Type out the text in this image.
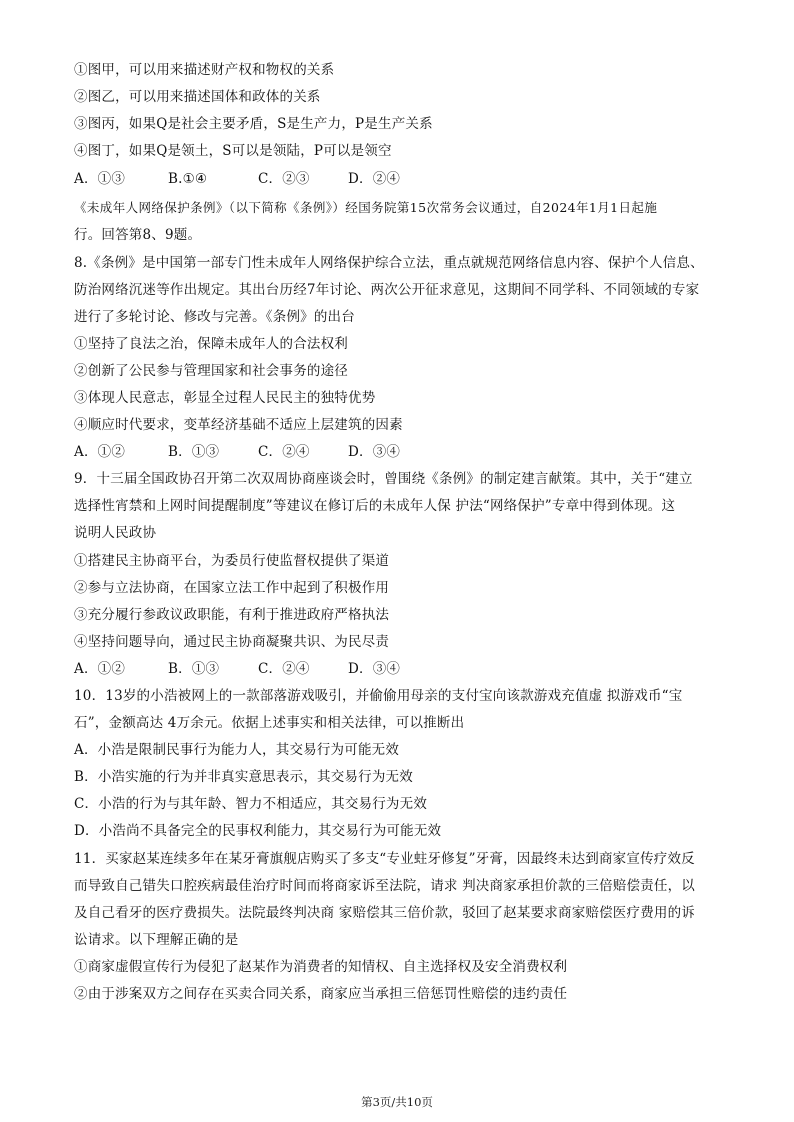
①图甲，可以用来描述财产权和物权的关系
②图乙，可以用来描述国体和政体的关系
③图丙，如果Q是社会主要矛盾，S是生产力，P是生产关系
④图丁，如果Q是领土，S可以是领陆，P可以是领空
A．①③	B.①④	C．②③	D．②④
《未成年人网络保护条例》（以下简称《条例》）经国务院第15次常务会议通过，自2024年1月1日起施
行。回答第8、9题。
8.《条例》是中国第一部专门性未成年人网络保护综合立法，重点就规范网络信息内容、保护个人信息、
防治网络沉迷等作出规定。其出台历经7年讨论、两次公开征求意见，这期间不同学科、不同领域的专家
进行了多轮讨论、修改与完善。《条例》的出台
①坚持了良法之治，保障未成年人的合法权利
②创新了公民参与管理国家和社会事务的途径
③体现人民意志，彰显全过程人民民主的独特优势
④顺应时代要求，变革经济基础不适应上层建筑的因素
A．①②	B．①③	C．②④	D．③④
9．十三届全国政协召开第二次双周协商座谈会时，曾围绕《条例》的制定建言献策。其中，关于“建立
选择性宵禁和上网时间提醒制度”等建议在修订后的未成年人保 护法“网络保护”专章中得到体现。这
说明人民政协
①搭建民主协商平台，为委员行使监督权提供了渠道
②参与立法协商，在国家立法工作中起到了积极作用
③充分履行参政议政职能，有利于推进政府严格执法
④坚持问题导向，通过民主协商凝聚共识、为民尽责
A．①②	B．①③	C．②④	D．③④
10．13岁的小浩被网上的一款部落游戏吸引，并偷偷用母亲的支付宝向该款游戏充值虚 拟游戏币“宝
石”，金额高达 4万余元。依据上述事实和相关法律，可以推断出
A．小浩是限制民事行为能力人，其交易行为可能无效
B．小浩实施的行为并非真实意思表示，其交易行为无效
C．小浩的行为与其年龄、智力不相适应，其交易行为无效
D．小浩尚不具备完全的民事权利能力，其交易行为可能无效
11．买家赵某连续多年在某牙膏旗舰店购买了多支“专业蛀牙修复”牙膏，因最终未达到商家宣传疗效反
而导致自己错失口腔疾病最佳治疗时间而将商家诉至法院，请求 判决商家承担价款的三倍赔偿责任，以
及自己看牙的医疗费损失。法院最终判决商 家赔偿其三倍价款，驳回了赵某要求商家赔偿医疗费用的诉
讼请求。以下理解正确的是
①商家虚假宣传行为侵犯了赵某作为消费者的知情权、自主选择权及安全消费权利
②由于涉案双方之间存在买卖合同关系，商家应当承担三倍惩罚性赔偿的违约责任
第3页/共10页
